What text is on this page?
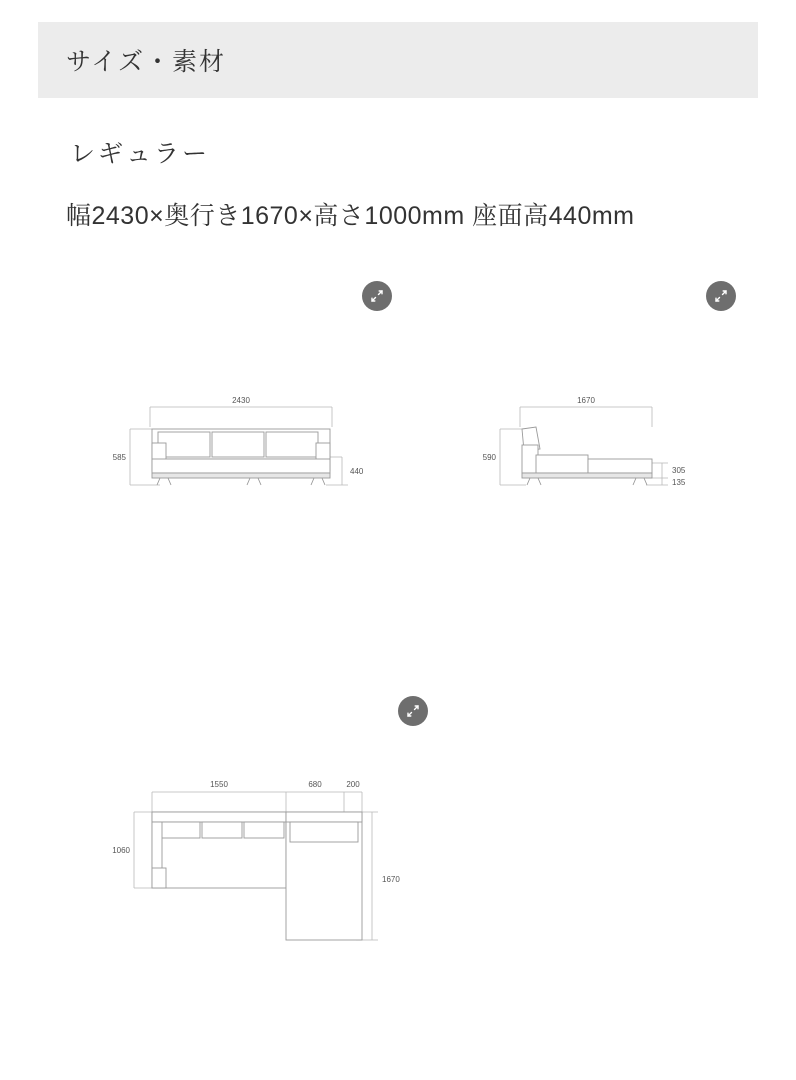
サイズ・素材
レギュラー
幅2430×奥行き1670×高さ1000mm 座面高440mm
2430
585
440
1670
590
305
135
1550	680	200
1060
1670
